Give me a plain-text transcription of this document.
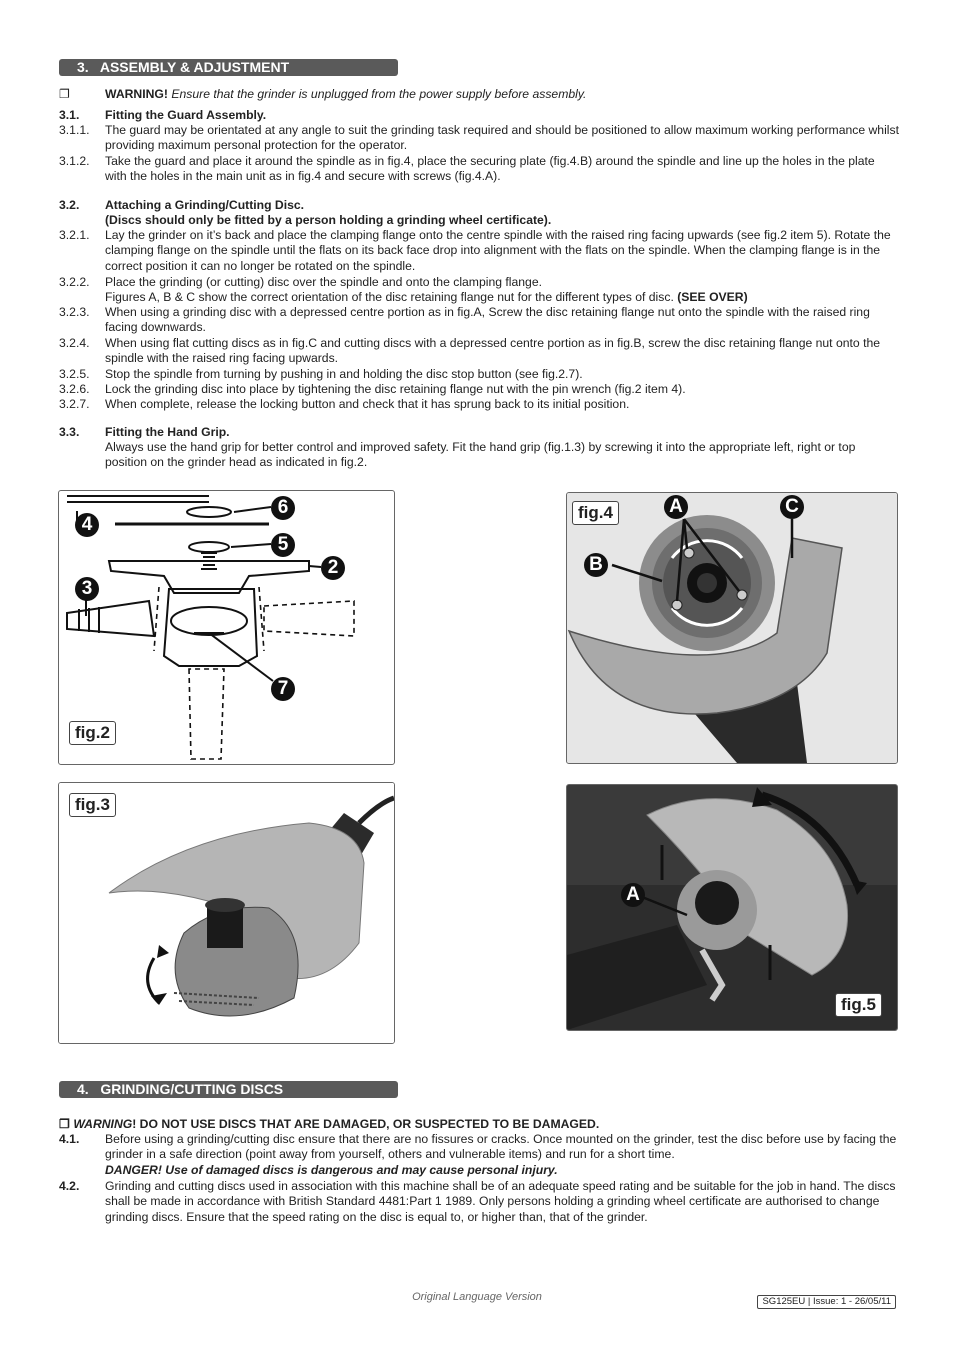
3. ASSEMBLY & ADJUSTMENT
❐	WARNING! Ensure that the grinder is unplugged from the power supply before assembly.
3.1. Fitting the Guard Assembly.
3.1.1. The guard may be orientated at any angle to suit the grinding task required and should be positioned to allow maximum working performance whilst providing maximum personal protection for the operator.
3.1.2. Take the guard and place it around the spindle as in fig.4, place the securing plate (fig.4.B) around the spindle and line up the holes in the plate with the holes in the main unit as in fig.4 and secure with screws (fig.4.A).
3.2. Attaching a Grinding/Cutting Disc.
(Discs should only be fitted by a person holding a grinding wheel certificate).
3.2.1. Lay the grinder on it’s back and place the clamping flange onto the centre spindle with the raised ring facing upwards (see fig.2 item 5). Rotate the clamping flange on the spindle until the flats on its back face drop into alignment with the flats on the spindle. When the clamping flange is in the correct position it can no longer be rotated on the spindle.
3.2.2. Place the grinding (or cutting) disc over the spindle and onto the clamping flange.
Figures A, B & C show the correct orientation of the disc retaining flange nut for the different types of disc. (SEE OVER)
3.2.3. When using a grinding disc with a depressed centre portion as in fig.A, Screw the disc retaining flange nut onto the spindle with the raised ring facing downwards.
3.2.4. When using flat cutting discs as in fig.C and cutting discs with a depressed centre portion as in fig.B, screw the disc retaining flange nut onto the spindle with the raised ring facing upwards.
3.2.5. Stop the spindle from turning by pushing in and holding the disc stop button (see fig.2.7).
3.2.6. Lock the grinding disc into place by tightening the disc retaining flange nut with the pin wrench (fig.2 item 4).
3.2.7. When complete, release the locking button and check that it has sprung back to its initial position.
3.3. Fitting the Hand Grip.
Always use the hand grip for better control and improved safety. Fit the hand grip (fig.1.3) by screwing it into the appropriate left, right or top position on the grinder head as indicated in fig.2.
6
4
5
2
3
7
fig.2
A	C
B
fig.4
fig.3
A
fig.5
4. GRINDING/CUTTING DISCS
❐ WARNING! DO NOT USE DISCS THAT ARE DAMAGED, OR SUSPECTED TO BE DAMAGED.
4.1. Before using a grinding/cutting disc ensure that there are no fissures or cracks. Once mounted on the grinder, test the disc before use by facing the grinder in a safe direction (point away from yourself, others and vulnerable items) and run for a short time.
DANGER! Use of damaged discs is dangerous and may cause personal injury.
4.2. Grinding and cutting discs used in association with this machine shall be of an adequate speed rating and be suitable for the job in hand. The discs shall be made in accordance with British Standard 4481:Part 1 1989. Only persons holding a grinding wheel certificate are authorised to change grinding discs. Ensure that the speed rating on the disc is equal to, or higher than, that of the grinder.
Original Language Version	SG125EU | Issue: 1 - 26/05/11
